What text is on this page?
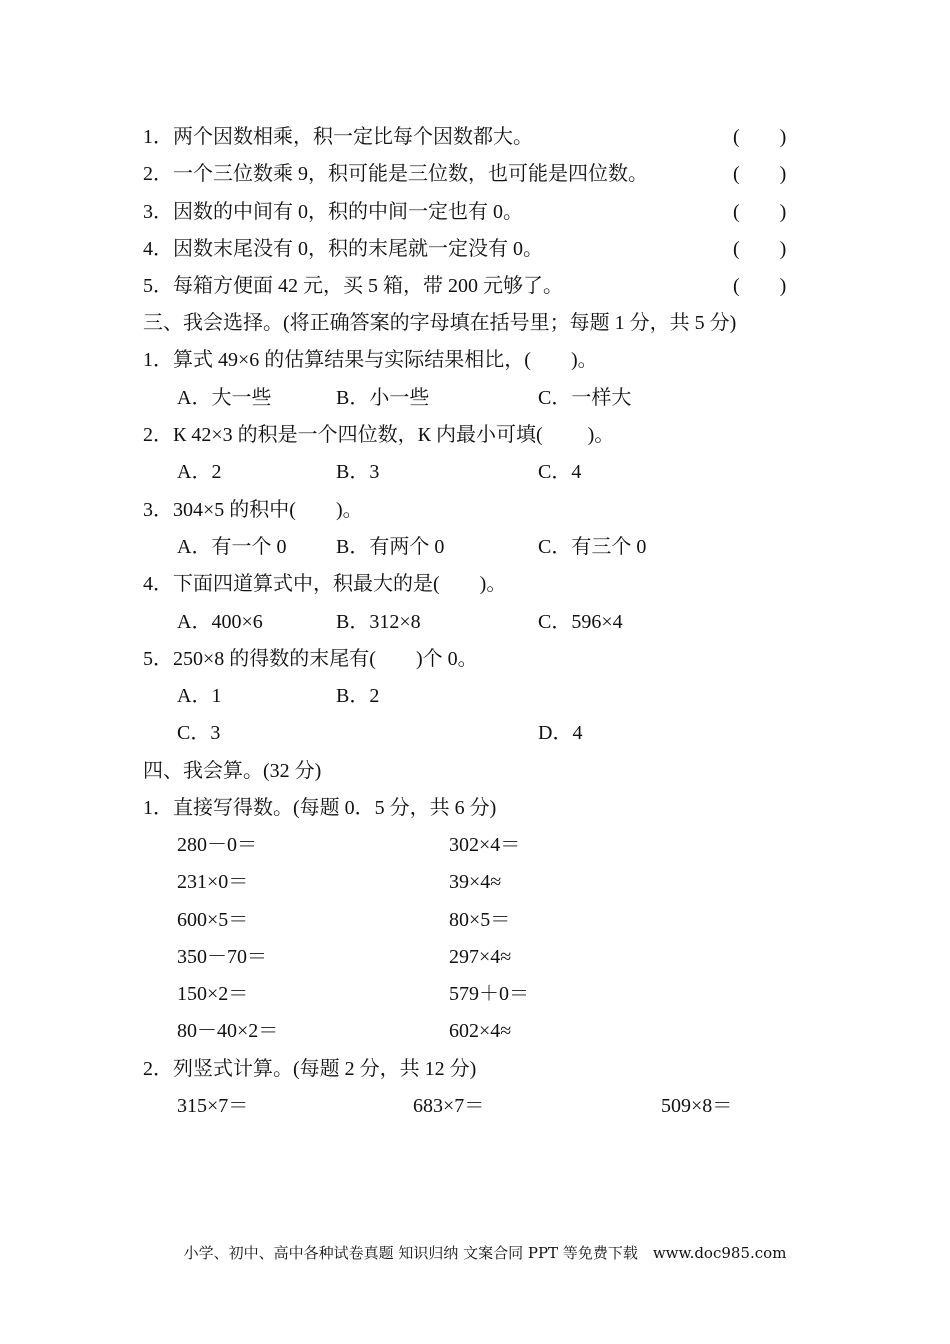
1．两个因数相乘，积一定比每个因数都大。	(　　)
2．一个三位数乘 9，积可能是三位数，也可能是四位数。	(　　)
3．因数的中间有 0，积的中间一定也有 0。	(　　)
4．因数末尾没有 0，积的末尾就一定没有 0。	(　　)
5．每箱方便面 42 元，买 5 箱，带 200 元够了。	(　　)
三、我会选择。(将正确答案的字母填在括号里；每题 1 分，共 5 分)
1．算式 49×6 的估算结果与实际结果相比，(　　)。
A．大一些	B．小一些	C．一样大
2．К 42×3 的积是一个四位数，К 内最小可填(　　 )。
A．2	B．3	C．4
3．304×5 的积中(　　)。
A．有一个 0 B．有两个 0	C．有三个 0
4．下面四道算式中，积最大的是(　　)。
A．400×6	B．312×8	C．596×4
5．250×8 的得数的末尾有(　　)个 0。
A．1	B．2
C．3	D．4
四、我会算。(32 分)
1．直接写得数。(每题 0．5 分，共 6 分)
280－0＝	302×4＝
231×0＝	39×4≈
600×5＝	80×5＝
350－70＝	297×4≈
150×2＝	579＋0＝
80－40×2＝	602×4≈
2．列竖式计算。(每题 2 分，共 12 分)
315×7＝	683×7＝	509×8＝
小学、初中、高中各种试卷真题 知识归纳 文案合同 PPT 等免费下载　www.doc985.com
